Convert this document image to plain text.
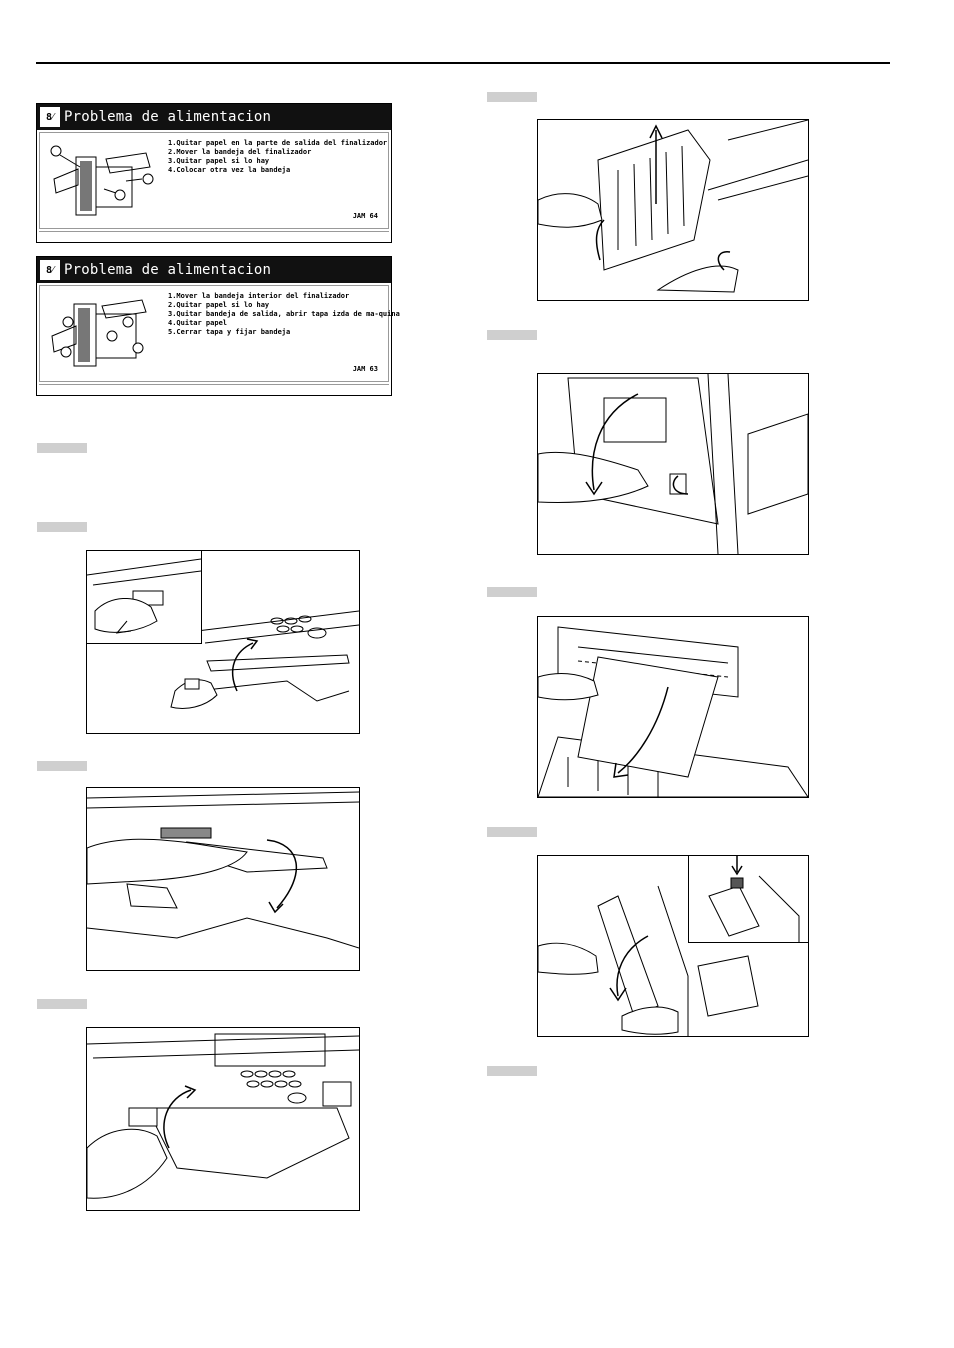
8⁄ Problema de alimentacion
1.Quitar papel en la parte de salida del finalizador
2.Mover la bandeja del finalizador
3.Quitar papel si lo hay
4.Colocar otra vez la bandeja
JAM 64
8⁄ Problema de alimentacion
1.Mover la bandeja interior del finalizador
2.Quitar papel si lo hay
3.Quitar bandeja de salida, abrir tapa izda de ma-quina
4.Quitar papel
5.Cerrar tapa y fijar bandeja
JAM 63
